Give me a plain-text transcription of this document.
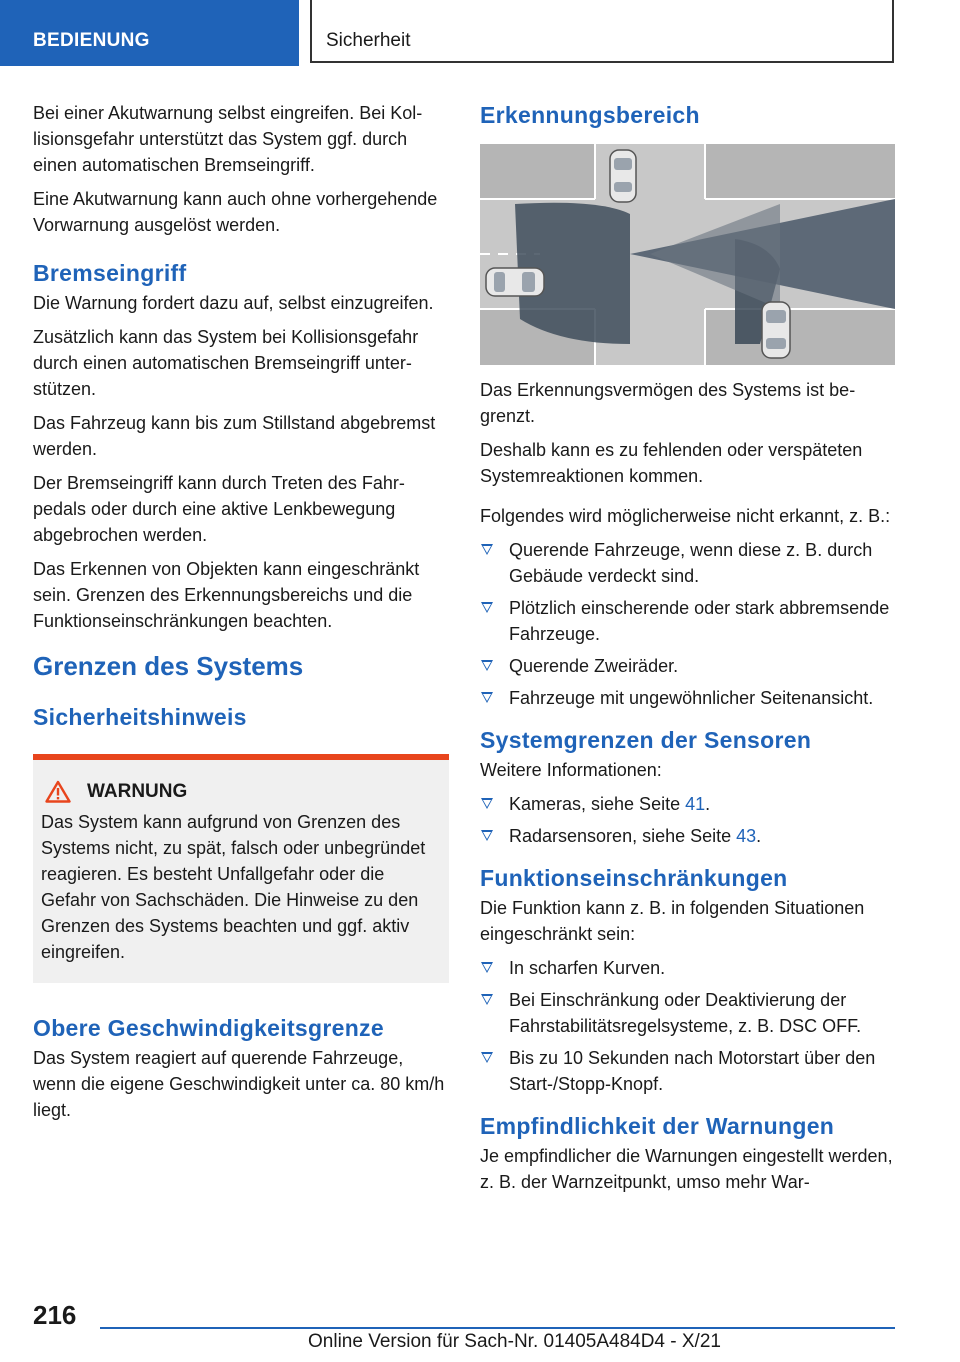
BEDIENUNG	Sicherheit

Bei einer Akutwarnung selbst eingreifen. Bei Kollisionsgefahr unterstützt das System ggf. durch einen automatischen Bremseingriff.

Eine Akutwarnung kann auch ohne vorhergehende Vorwarnung ausgelöst werden.

Bremseingriff

Die Warnung fordert dazu auf, selbst einzugreifen.

Zusätzlich kann das System bei Kollisionsgefahr durch einen automatischen Bremseingriff unterstützen.

Das Fahrzeug kann bis zum Stillstand abgebremst werden.

Der Bremseingriff kann durch Treten des Fahrpedals oder durch eine aktive Lenkbewegung abgebrochen werden.

Das Erkennen von Objekten kann eingeschränkt sein. Grenzen des Erkennungsbereichs und die Funktionseinschränkungen beachten.

Grenzen des Systems
Sicherheitshinweis
WARNUNG

Das System kann aufgrund von Grenzen des Systems nicht, zu spät, falsch oder unbegründet reagieren. Es besteht Unfallgefahr oder die Gefahr von Sachschäden. Die Hinweise zu den Grenzen des Systems beachten und ggf. aktiv eingreifen.

Obere Geschwindigkeitsgrenze

Das System reagiert auf querende Fahrzeuge, wenn die eigene Geschwindigkeit unter ca. 80 km/h liegt.

Erkennungsbereich

Das Erkennungsvermögen des Systems ist begrenzt.

Deshalb kann es zu fehlenden oder verspäteten Systemreaktionen kommen.

Folgendes wird möglicherweise nicht erkannt, z. B.:

Querende Fahrzeuge, wenn diese z. B. durch Gebäude verdeckt sind.
Plötzlich einscherende oder stark abbremsende Fahrzeuge.
Querende Zweiräder.
Fahrzeuge mit ungewöhnlicher Seitenansicht.
Systemgrenzen der Sensoren

Weitere Informationen:

Kameras, siehe Seite 41.
Radarsensoren, siehe Seite 43.
Funktionseinschränkungen

Die Funktion kann z. B. in folgenden Situationen eingeschränkt sein:

In scharfen Kurven.
Bei Einschränkung oder Deaktivierung der Fahrstabilitätsregelsysteme, z. B. DSC OFF.
Bis zu 10 Sekunden nach Motorstart über den Start-/Stopp-Knopf.
Empfindlichkeit der Warnungen

Je empfindlicher die Warnungen eingestellt werden, z. B. der Warnzeitpunkt, umso mehr War-

216
Online Version für Sach-Nr. 01405A484D4 - X/21
